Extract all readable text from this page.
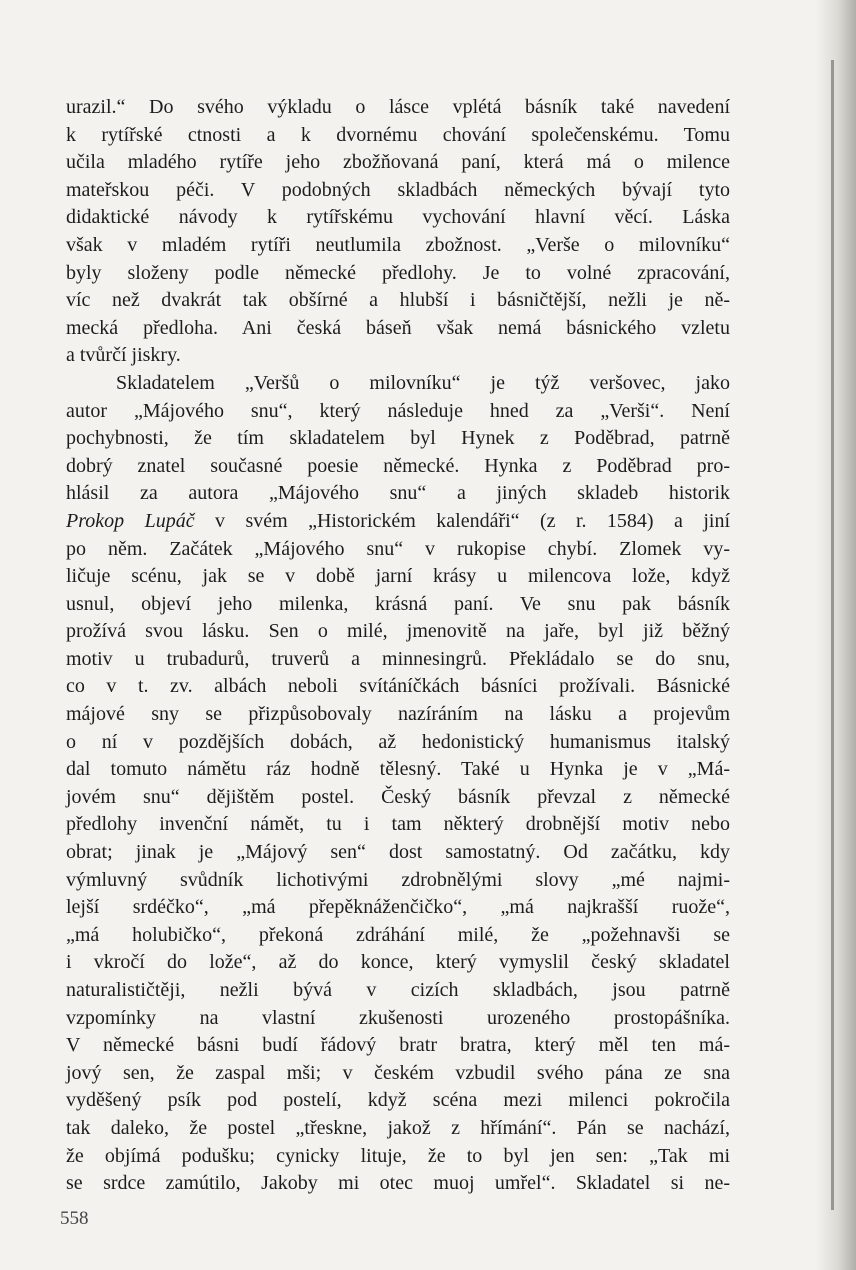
urazil.“ Do svého výkladu o lásce vplétá básník také navedení
k rytířské ctnosti a k dvornému chování společenskému. Tomu
učila mladého rytíře jeho zbožňovaná paní, která má o milence
mateřskou péči. V podobných skladbách německých bývají tyto
didaktické návody k rytířskému vychování hlavní věcí. Láska
však v mladém rytíři neutlumila zbožnost. „Verše o milovníku“
byly složeny podle německé předlohy. Je to volné zpracování,
víc než dvakrát tak obšírné a hlubší i básničtější, nežli je ně-
mecká předloha. Ani česká báseň však nemá básnického vzletu
a tvůrčí jiskry.
Skladatelem „Veršů o milovníku“ je týž veršovec, jako
autor „Májového snu“, který následuje hned za „Verši“. Není
pochybnosti, že tím skladatelem byl Hynek z Poděbrad, patrně
dobrý znatel současné poesie německé. Hynka z Poděbrad pro-
hlásil za autora „Májového snu“ a jiných skladeb historik
Prokop Lupáč v svém „Historickém kalendáři“ (z r. 1584) a jiní
po něm. Začátek „Májového snu“ v rukopise chybí. Zlomek vy-
ličuje scénu, jak se v době jarní krásy u milencova lože, když
usnul, objeví jeho milenka, krásná paní. Ve snu pak básník
prožívá svou lásku. Sen o milé, jmenovitě na jaře, byl již běžný
motiv u trubadurů, truverů a minnesingrů. Překládalo se do snu,
co v t. zv. albách neboli svítáníčkách básníci prožívali. Básnické
májové sny se přizpůsobovaly nazíráním na lásku a projevům
o ní v pozdějších dobách, až hedonistický humanismus italský
dal tomuto námětu ráz hodně tělesný. Také u Hynka je v „Má-
jovém snu“ dějištěm postel. Český básník převzal z německé
předlohy invenční námět, tu i tam některý drobnější motiv nebo
obrat; jinak je „Májový sen“ dost samostatný. Od začátku, kdy
výmluvný svůdník lichotivými zdrobnělými slovy „mé najmi-
lejší srdéčko“, „má přepěknáženčičko“, „má najkrašší ruože“,
„má holubičko“, překoná zdráhání milé, že „požehnavši se
i vkročí do lože“, až do konce, který vymyslil český skladatel
naturalističtěji, nežli bývá v cizích skladbách, jsou patrně
vzpomínky na vlastní zkušenosti urozeného prostopášníka.
V německé básni budí řádový bratr bratra, který měl ten má-
jový sen, že zaspal mši; v českém vzbudil svého pána ze sna
vyděšený psík pod postelí, když scéna mezi milenci pokročila
tak daleko, že postel „třeskne, jakož z hřímání“. Pán se nachází,
že objímá podušku; cynicky lituje, že to byl jen sen: „Tak mi
se srdce zamútilo, Jakoby mi otec muoj umřel“. Skladatel si ne-
558
